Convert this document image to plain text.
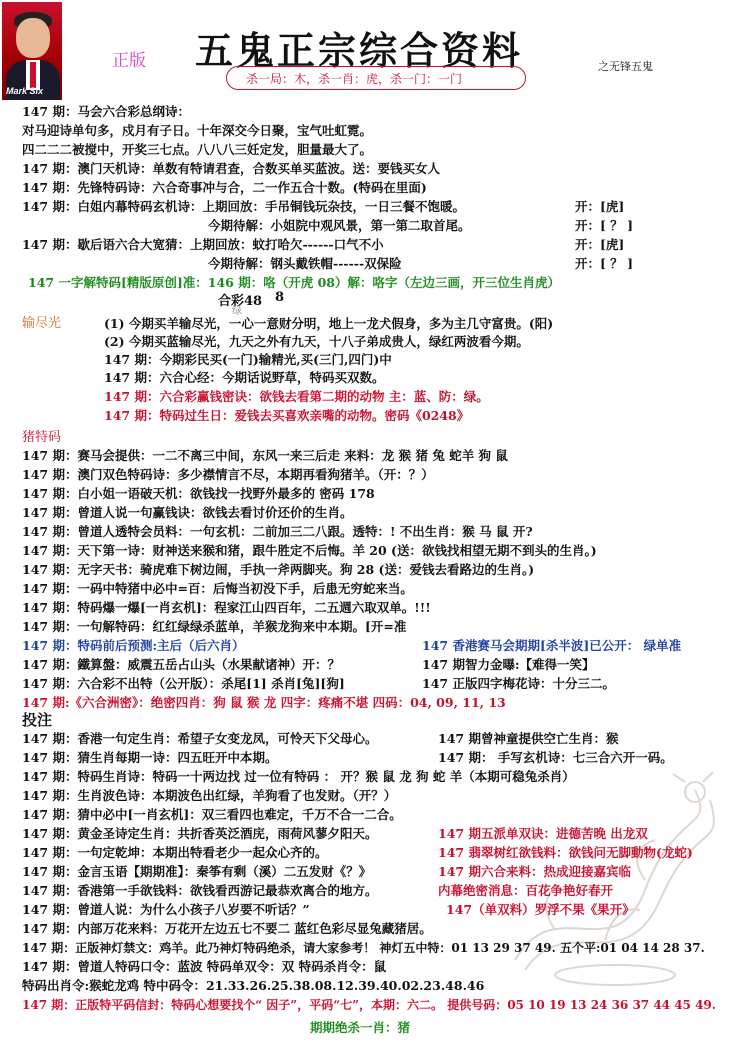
Mark Six
正版 五鬼正宗综合资料
杀一局：木，杀一肖：虎，杀一门：一门
之无锋五鬼
147 期：马会六合彩总纲诗：
对马迎诗单句多，戍月有子日。十年深交今日聚，宝气吐虹霓。
四二二二被搅中，开奖三七点。八八八三妊定发，胆量最大了。
147 期：澳门天机诗：单数有特请君查，合数买单买蓝波。送：要钱买女人
147 期：先锋特码诗：六合奇事冲与合，二一作五合十数。(特码在里面)
147 期：白姐内幕特码玄机诗：上期回放：手吊铜钱玩杂技，一日三餐不饱暖。	开：[虎]
今期待解：小姐院中观风景，第一第二取首尾。	开：[ ？ ]
147 期：歇后语六合大宽猜：上期回放：蚊打哈欠------口气不小	开：[虎]
今期待解：钢头戴铁帽------双保险	开：[ ？ ]
147 一字解特码[精版原创]准：146 期：咯（开虎 08）解：咯字（左边三画，开三位生肖虎）
合彩48 8
绿
输尽光	(1) 今期买羊输尽光，一心一意财分明，地上一龙犬假身，多为主几守富贵。(阳)
(2) 今期买蓝输尽光，九天之外有九天，十八子弟成贵人，绿红两波看今期。
147 期：今期彩民买(一门)输精光,买(三门,四门)中
147 期：六合心经：今期话说野草，特码买双数。
147 期：六合彩赢钱密诀：欲钱去看第二期的动物 主：蓝、防：绿。
147 期：特码过生日：爱钱去买喜欢亲嘴的动物。密码《0248》
猪特码
147 期：赛马会提供：一二不离三中间，东风一来三后走 来料：龙 猴 猪 兔 蛇羊 狗 鼠
147 期：澳门双色特码诗：多少襟情言不尽，本期再看狗猪羊。（开：？）
147 期：白小姐一语破天机：欲钱找一找野外最多的 密码 178
147 期：曾道人说一句赢钱诀：欲钱去看讨价还价的生肖。
147 期：曾道人透特会员料：一句玄机：二前加三二八跟。透特：! 不出生肖：猴 马 鼠 开?
147 期：天下第一诗：财神送来猴和猪，跟牛胜定不后悔。羊 20 (送：欲钱找相望无期不到头的生肖。)
147 期：无字天书：骑虎难下树边闹，手执一斧两脚夹。狗 28 (送：爱钱去看路边的生肖。)
147 期：一码中特猪中必中=百：后悔当初没下手，后患无穷蛇来当。
147 期：特码爆一爆[一肖玄机]：程家江山四百年，二五週六取双单。!!!
147 期：一句解特码：红红绿绿杀蓝单，羊猴龙狗来中本期。[开=准
147 期：特码前后预测:主后（后六肖）	147 香港赛马会期期[杀半波]已公开： 绿单准
147 期：鐵算盤：威震五岳占山头（水果献诸神）开：？	147 期智力金曝:【难得一笑】
147 期：六合彩不出特（公开版）：杀尾[1] 杀肖[兔][狗]	147 正版四字梅花诗：十分三二。
147 期:《六合洲密》：绝密四肖：狗 鼠 猴 龙 四字：疼痛不堪 四码：04, 09, 11, 13
投注
147 期：香港一句定生肖：希望子女变龙凤，可怜天下父母心。	147 期曾神童提供空亡生肖：猴
147 期：猜生肖每期一诗：四五旺开中本期。	147 期： 手写玄机诗：七三合六开一码。
147 期：特码生肖诗：特码一十两边找 过一位有特码 ： 开？猴 鼠 龙 狗 蛇 羊（本期可稳兔杀肖）
147 期：生肖波色诗：本期波色出红绿，羊狗看了也发财。（开？）
147 期：猜中必中[一肖玄机]：双三看四也难定，千万不合一二合。
147 期：黄金圣诗定生肖：共折香英泛酒庑，雨荷风蓼夕阳天。	147 期五派单双诀：进德苦晚 出龙双
147 期：一句定乾坤：本期出特看老少一起众心齐的。	147 翡翠树红欲钱料：欲钱问无脚動物(龙蛇)
147 期：金言玉语【期期准】：秦筝有剩（溪）二五发财《？》	147 期六合来料：热成迎接嘉宾临
147 期：香港第一手欲钱料：欲钱看西游记最恭欢离合的地方。	内幕绝密消息：百花争艳好春开
147 期：曾道人说：为什么小孩子八岁要不听话？”	147（单双料）罗浮不果《果开》
147 期：内部万花来料：万花开左边五七不要二 蓝红色彩尽显兔藏猪居。
147 期：正版神灯禁文：鸡羊。此乃神灯特码绝杀，请大家参考！ 神灯五中特：01 13 29 37 49. 五个平:01 04 14 28 37.
147 期：曾道人特码口令：蓝波 特码单双令：双 特码杀肖令：鼠
特码出肖令:猴蛇龙鸡 特中码令：21.33.26.25.38.08.12.39.40.02.23.48.46
147 期：正版特平码信封：特码心想要找个“ 因子”，平码“七”，本期：六二。 提供号码：05 10 19 13 24 36 37 44 45 49.
期期绝杀一肖：猪
